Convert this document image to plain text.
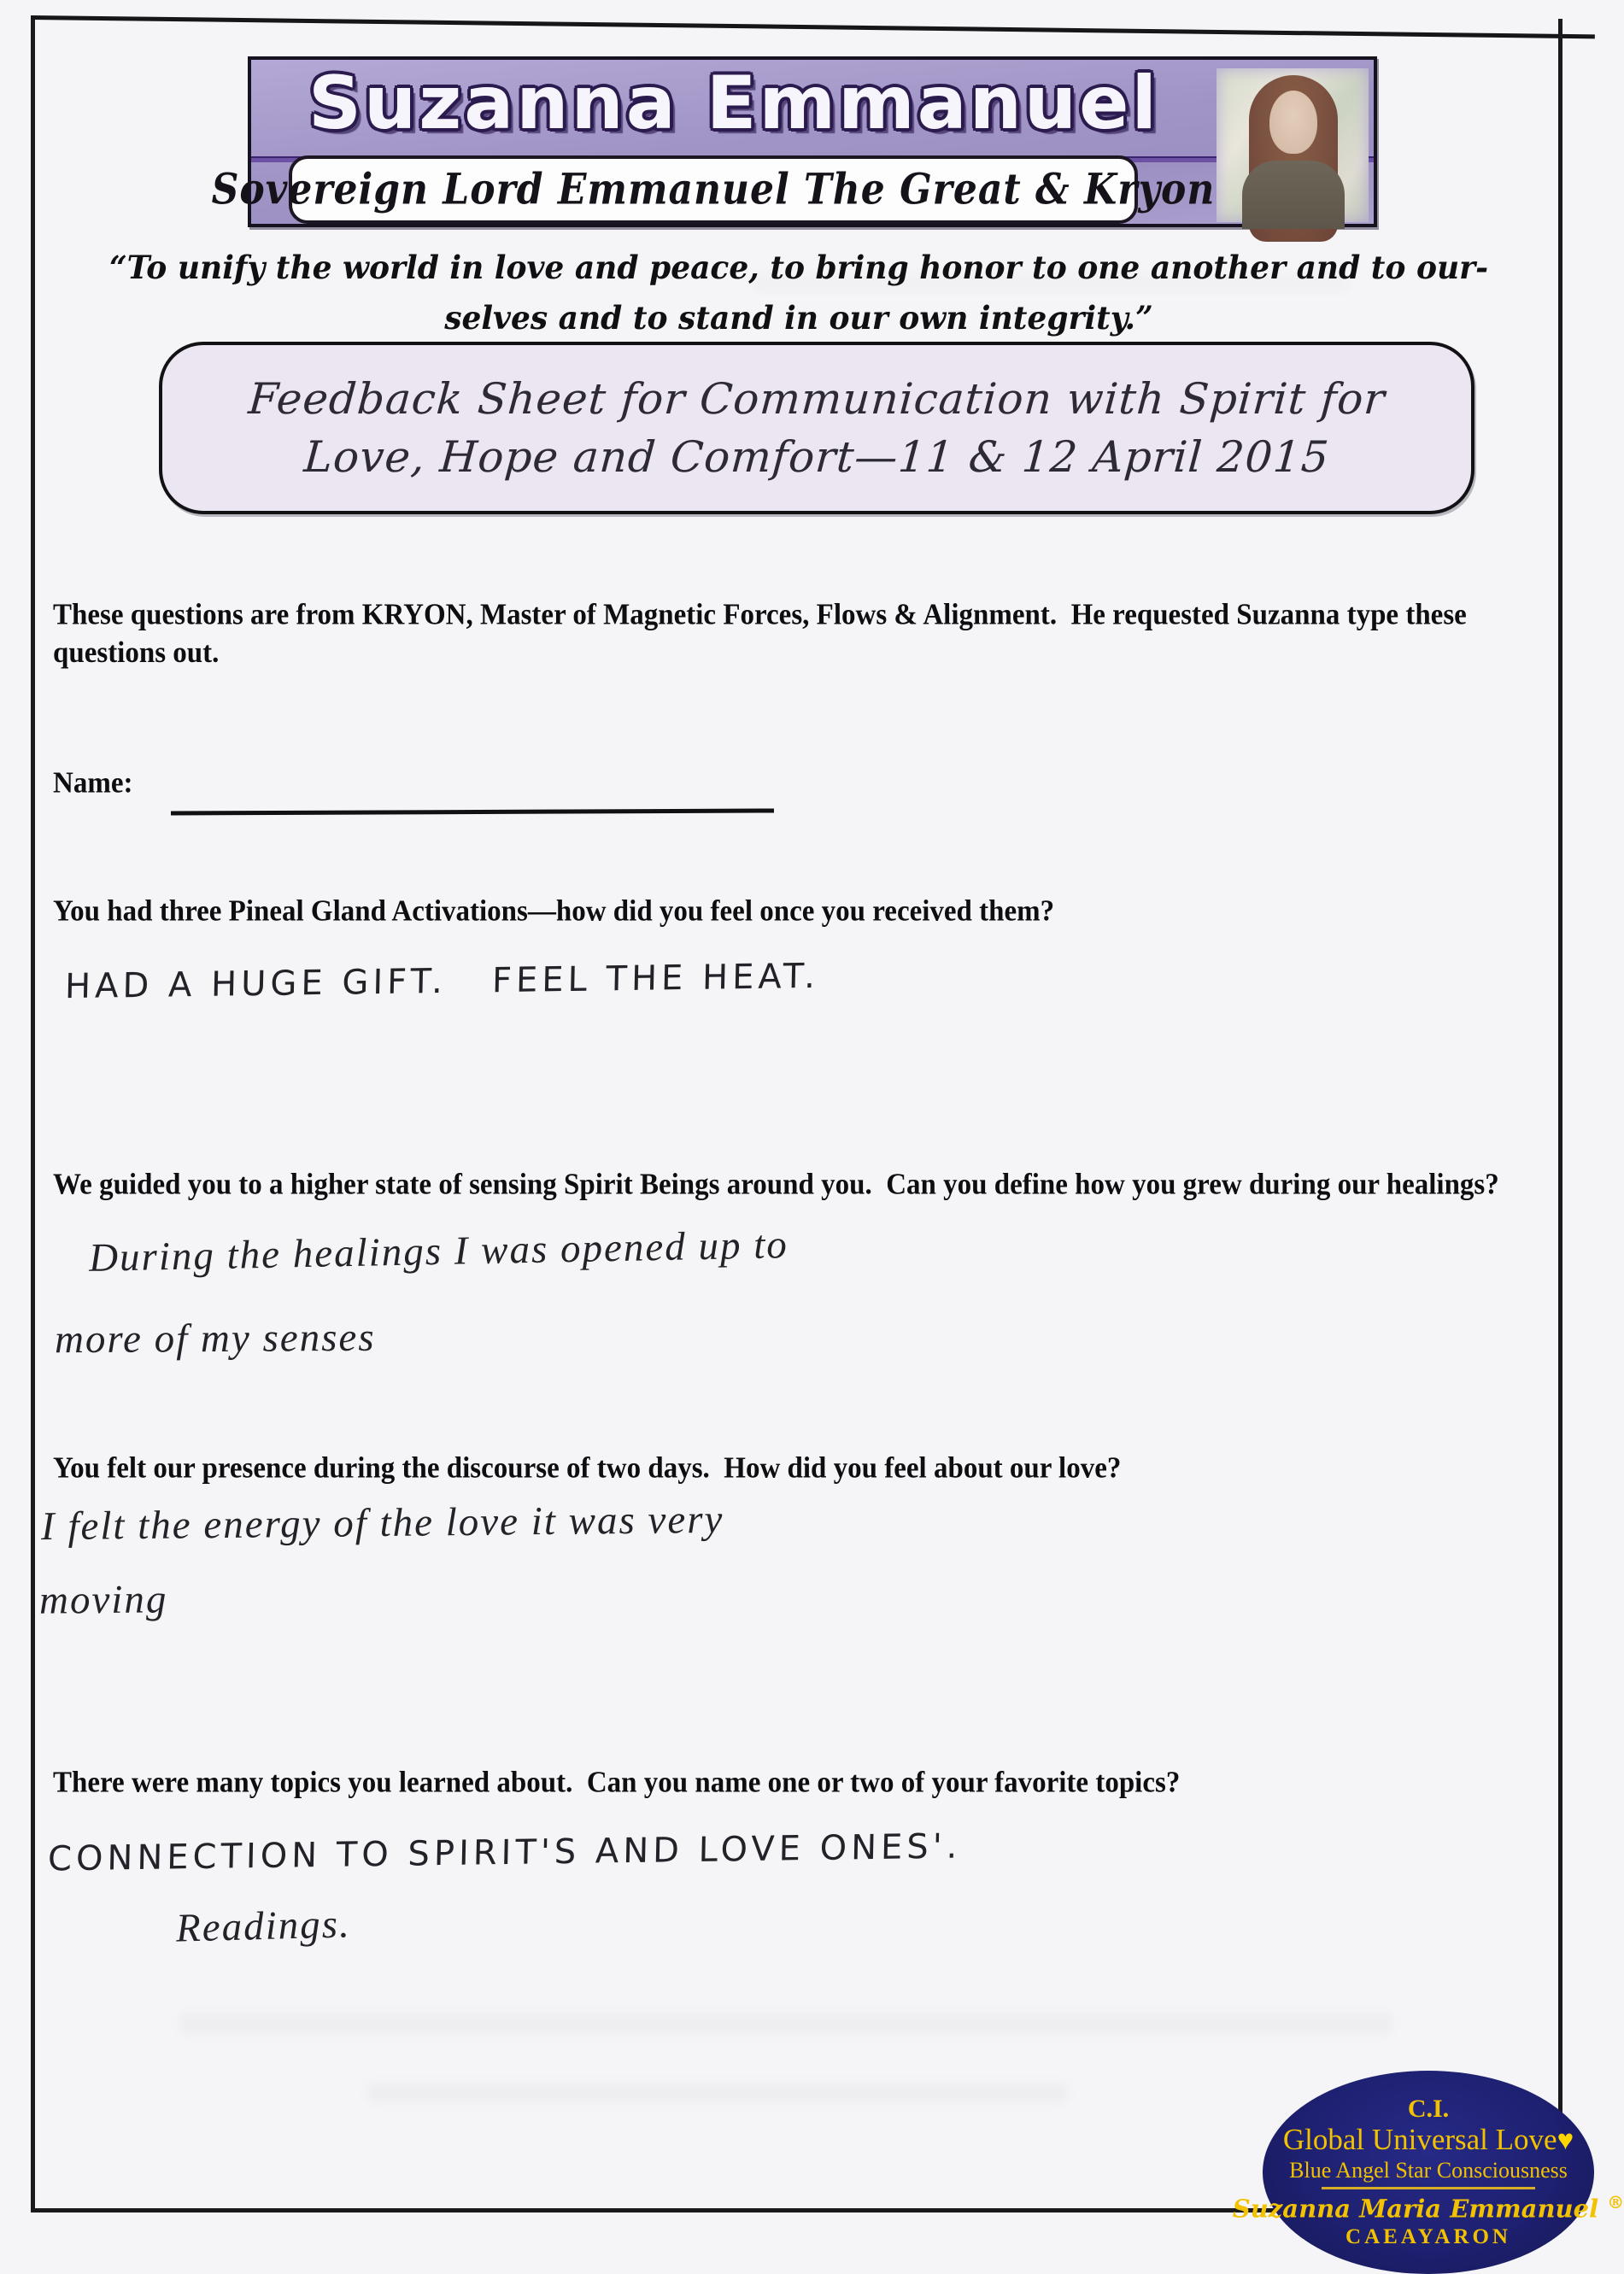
Suzanna Emmanuel
Sovereign Lord Emmanuel The Great & Kryon
“To unify the world in love and peace, to bring honor to one another and to our-
selves and to stand in our own integrity.”
Feedback Sheet for Communication with Spirit for
Love, Hope and Comfort—11 & 12 April 2015

These questions are from KRYON, Master of Magnetic Forces, Flows & Alignment.  He requested Suzanna type these questions out.

Name:

You had three Pineal Gland Activations—how did you feel once you received them?

HAD A HUGE GIFT.   FEEL THE HEAT.

We guided you to a higher state of sensing Spirit Beings around you.  Can you define how you grew during our healings?

During the healings I was opened up to
more of my senses

You felt our presence during the discourse of two days.  How did you feel about our love?

I felt the energy of the love it was very
moving

There were many topics you learned about.  Can you name one or two of your favorite topics?

CONNECTION TO SPIRIT'S AND LOVE ONES'.
Readings.
C.I.
Global Universal Love♥
Blue Angel Star Consciousness
Suzanna Maria Emmanuel ®
CAEAYARON
